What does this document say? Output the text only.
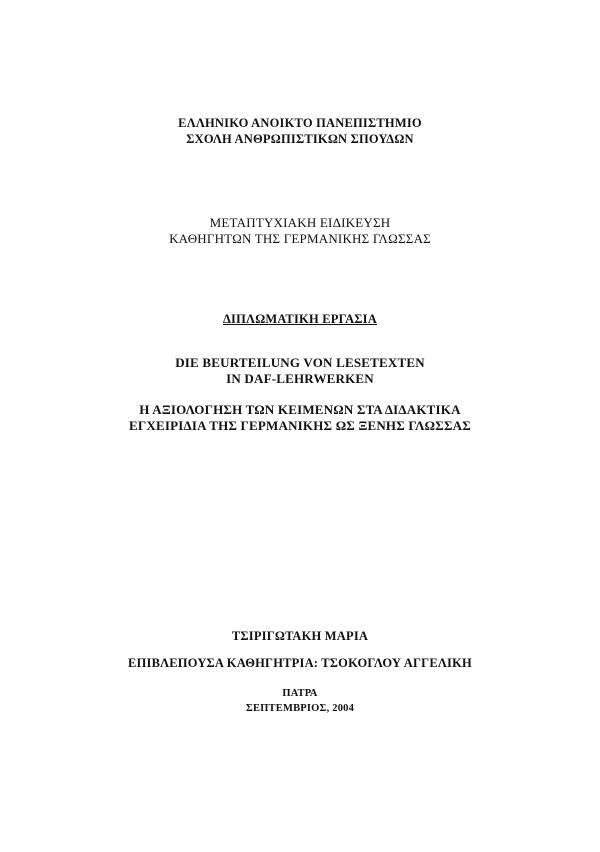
ΕΛΛΗΝΙΚΟ ΑΝΟΙΚΤΟ ΠΑΝΕΠΙΣΤΗΜΙΟ
ΣΧΟΛΗ ΑΝΘΡΩΠΙΣΤΙΚΩΝ ΣΠΟΥΔΩΝ
ΜΕΤΑΠΤΥΧΙΑΚΗ ΕΙΔΙΚΕΥΣΗ
ΚΑΘΗΓΗΤΩΝ ΤΗΣ ΓΕΡΜΑΝΙΚΗΣ ΓΛΩΣΣΑΣ
ΔΙΠΛΩΜΑΤΙΚΗ ΕΡΓΑΣΙΑ
DIE BEURTEILUNG VON LESETEXTEN
IN DAF-LEHRWERKEN
Η ΑΞΙΟΛΟΓΗΣΗ ΤΩΝ ΚΕΙΜΕΝΩΝ ΣΤΑ ΔΙΔΑΚΤΙΚΑ
ΕΓΧΕΙΡΙΔΙΑ ΤΗΣ ΓΕΡΜΑΝΙΚΗΣ ΩΣ ΞΕΝΗΣ ΓΛΩΣΣΑΣ
ΤΣΙΡΙΓΩΤΑΚΗ ΜΑΡΙΑ
ΕΠΙΒΛΕΠΟΥΣΑ ΚΑΘΗΓΗΤΡΙΑ: ΤΣΟΚΟΓΛΟΥ ΑΓΓΕΛΙΚΗ
ΠΑΤΡΑ
ΣΕΠΤΕΜΒΡΙΟΣ, 2004
